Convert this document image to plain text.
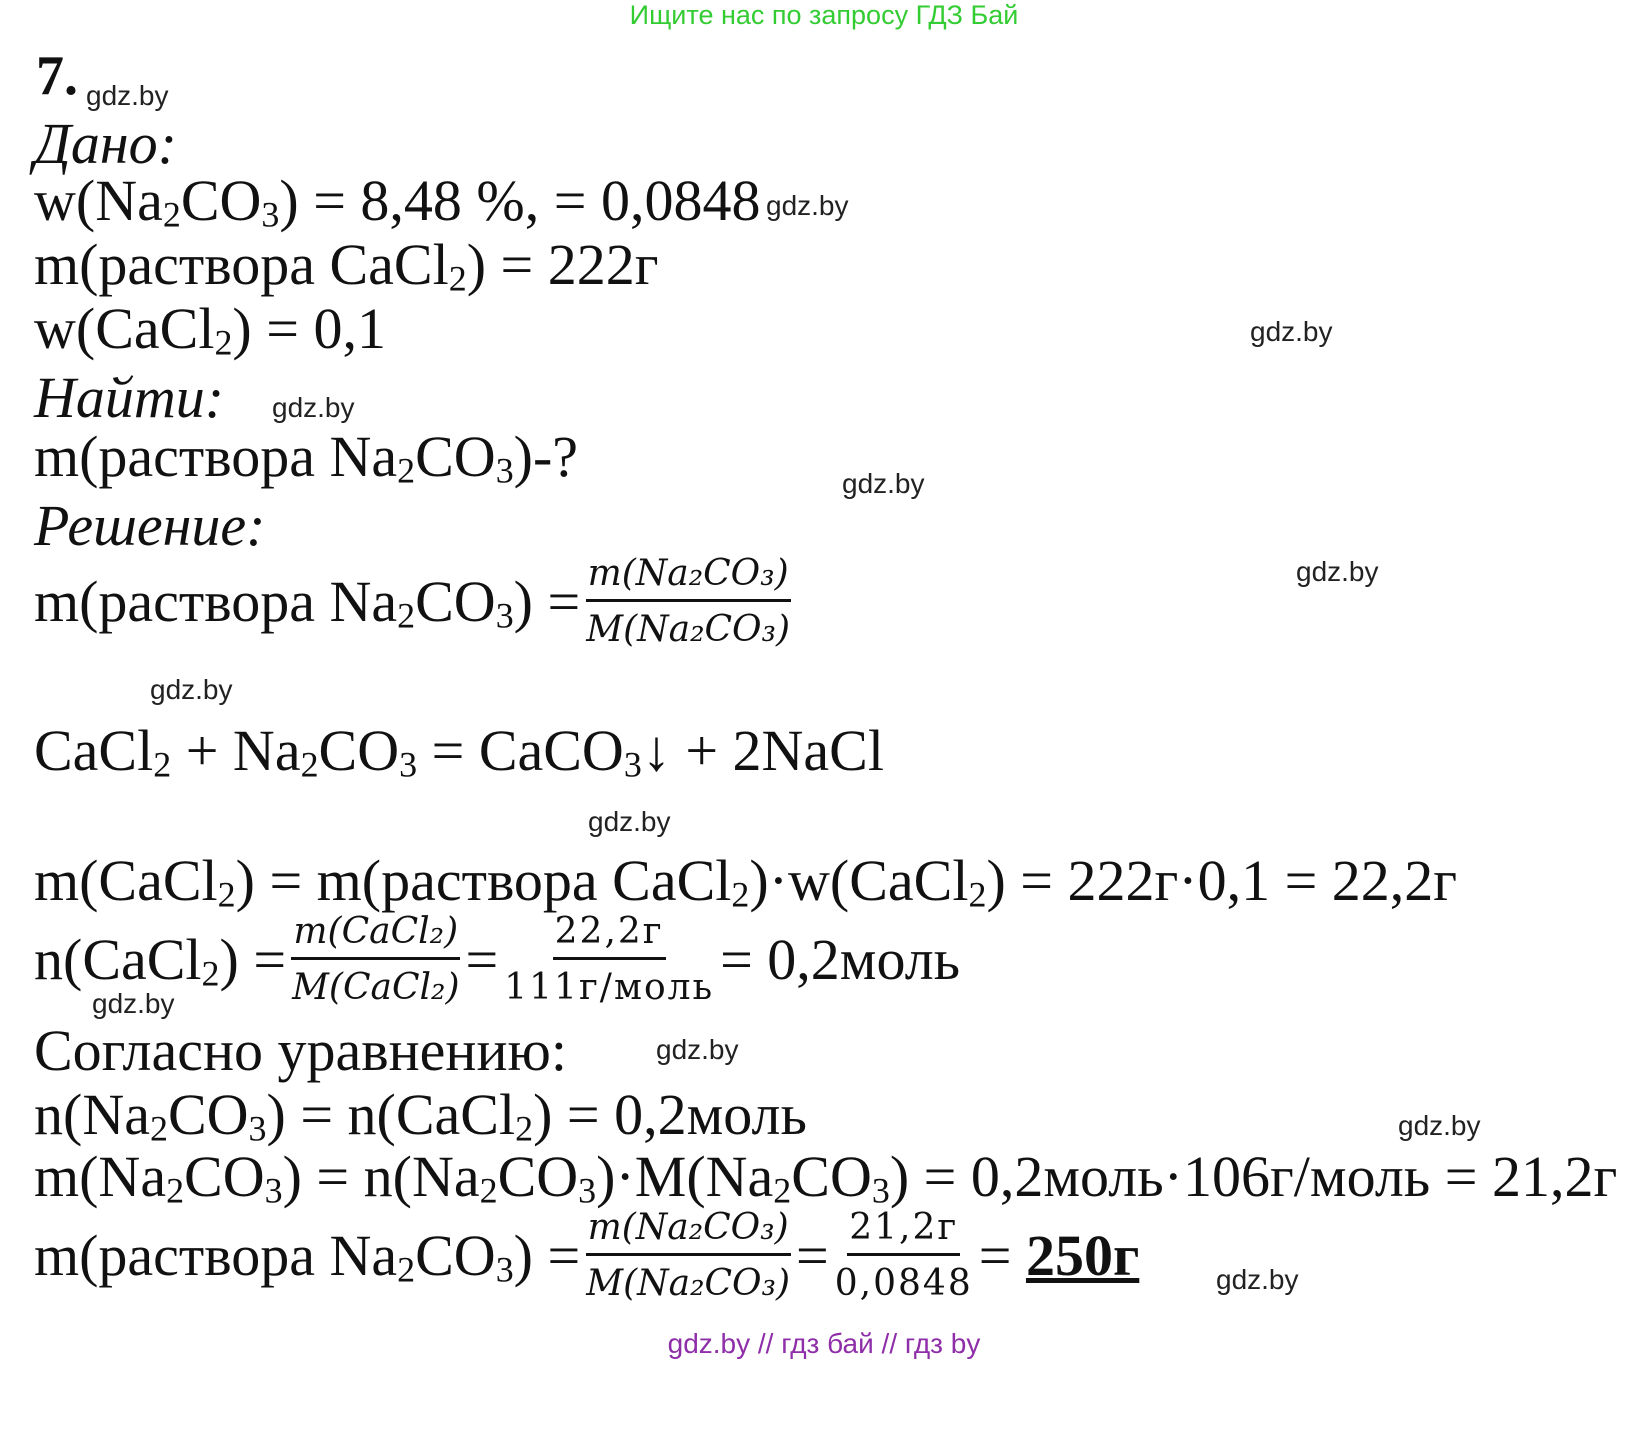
Ищите нас по запросу ГДЗ Бай
7. gdz.by
gdz.by
gdz.by
gdz.by
gdz.by
gdz.by
gdz.by
gdz.by
gdz.by
gdz.by
gdz.by
gdz.by
Дано:
$w(Na_2CO_3) = 8,48$ %, = 0,0848
m(раствора CaCl$_2$) = 222г
w(CaCl$_2$) = 0,1
Найти:
m(раствора $Na_2CO_3)-$?
Решение:
m(раствора $Na_2CO_3) = \frac{\text{m(Na₂CO₃)}}{\text{M(Na₂CO₃)}}$
CaCl$_2$ + $Na_2CO_3$ = CaCO$_3$↓ + 2NaCl
m(CaCl$_2$) = m(раствора CaCl$_2$)·w(CaCl$_2$) = 222г·0,1 = 22,2г
n(CaCl$_2$) = $\frac{\text{m(CaCl₂)}}{\text{M(CaCl₂)}} = \frac{22,2г}{\text{111г/моль}}$ = 0,2моль
Согласно уравнению:
$n(Na_2CO_3)$ = n(CaCl$_2$) = 0,2моль
$m(Na_2CO_3) = n(Na_2CO_3)\cdot M(Na_2CO_3)$ = 0,2моль·106г/моль = 21,2г
m(раствора $Na_2CO_3) = \frac{\text{m(Na₂CO₃)}}{\text{M(Na₂CO₃)}} = \frac{21,2г}{0,0848}$ =
250г
gdz.by // гдз бай // гдз by
